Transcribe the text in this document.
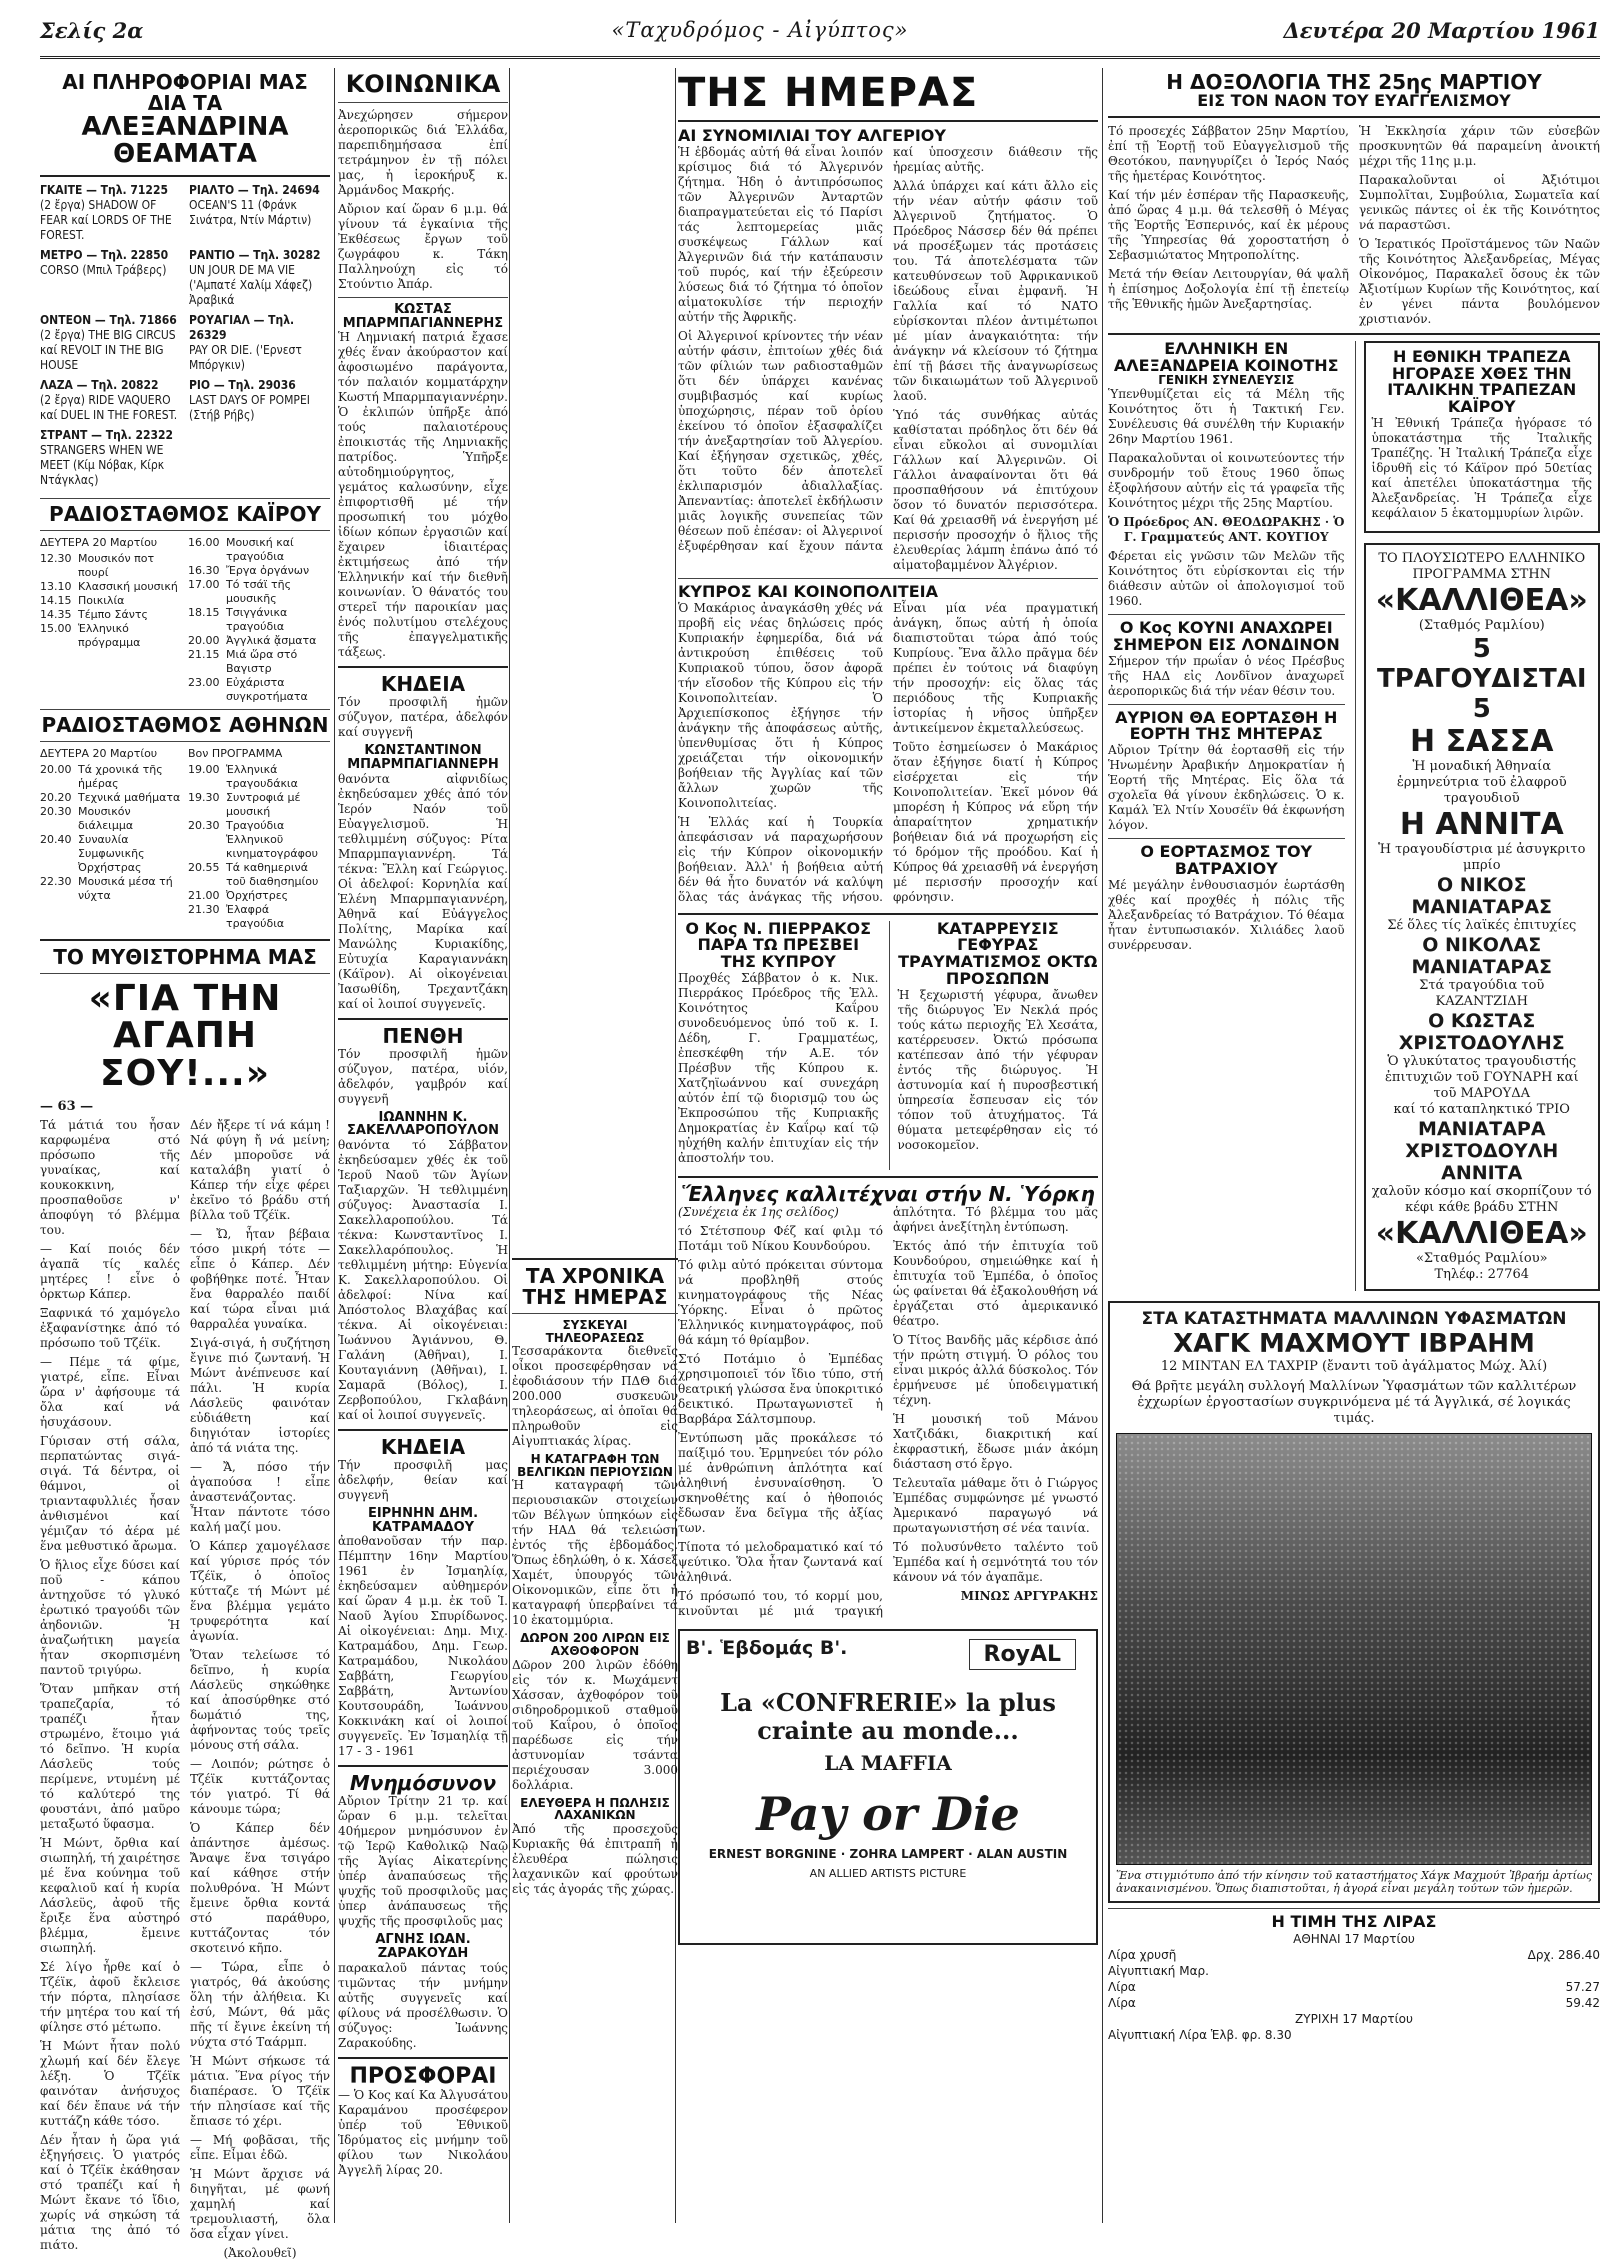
Σελίς 2α	«Ταχυδρόμος - Αἰγύπτος»	Δευτέρα 20 Μαρτίου 1961
ΑΙ ΠΛΗΡΟΦΟΡΙΑΙ ΜΑΣ ΔΙΑ ΤΑ
ΑΛΕΞΑΝΔΡΙΝΑ ΘΕΑΜΑΤΑ
ΓΚΑΙΤΕ — Τηλ. 71225
(2 ἔργα) SHADOW OF FEAR καί LORDS OF THE FOREST.
ΡΙΑΛΤΟ — Τηλ. 24694
OCEAN'S 11 (Φράνκ Σινάτρα, Ντίν Μάρτιν)
ΜΕΤΡΟ — Τηλ. 22850
CORSO (Μπιλ Τράβερς)
ΡΑΝΤΙΟ — Τηλ. 30282
UN JOUR DE MA VIE ('Αμπατέ Χαλίμ Χάφεζ) Ἀραβικά
ΟΝΤΕΟΝ — Τηλ. 71866
(2 ἔργα) THE BIG CIRCUS καί REVOLT IN THE BIG HOUSE
ΡΟΥΑΓΙΑΛ — Τηλ. 26329
PAY OR DIE. ('Ερνεστ Μπόργκιν)
ΛΑΖΑ — Τηλ. 20822
(2 ἔργα) RIDE VAQUERO καί DUEL IN THE FOREST.
ΡΙΟ — Τηλ. 29036
LAST DAYS OF POMPEI (Στήβ Ρήβς)
ΣΤΡΑΝΤ — Τηλ. 22322
STRANGERS WHEN WE MEET (Κίμ Νόβακ, Κίρκ Ντάγκλας)
ΡΑΔΙΟΣΤΑΘΜΟΣ ΚΑΪΡΟΥ
ΔΕΥΤΕΡΑ 20 Μαρτίου
12.30 Μουσικόν ποτ πουρί
13.10 Κλασσική μουσική
14.15 Ποικιλία
14.35 Τέμπο Σάντς
15.00 Ἑλληνικό πρόγραμμα
16.00 Μουσική καί τραγούδια
16.30 Ἔργα ὀργάνων
17.00 Τό τσάϊ τῆς μουσικῆς
18.15 Τσιγγάνικα τραγούδια
20.00 Ἀγγλικά ᾄσματα
21.15 Μιά ὥρα στό Βαγιστρ
23.00 Εὐχάριστα συγκροτήματα
ΡΑΔΙΟΣΤΑΘΜΟΣ ΑΘΗΝΩΝ
ΔΕΥΤΕΡΑ 20 Μαρτίου
20.00 Τά χρονικά τῆς ἡμέρας
20.20 Τεχνικά μαθήματα
20.30 Μουσικόν διάλειμμα
20.40 Συναυλία Συμφωνικῆς Ὀρχήστρας
22.30 Μουσικά μέσα τή νύχτα
Βον ΠΡΟΓΡΑΜΜΑ
19.00 Ἑλληνικά τραγουδάκια
19.30 Συντροφιά μέ μουσική
20.30 Τραγούδια Ἑλληνικοῦ κινηματογράφου
20.55 Τά καθημερινά τοῦ διαθησημίου
21.00 Ὀρχήστρες
21.30 Ἐλαφρά τραγούδια
ΤΟ ΜΥΘΙΣΤΟΡΗΜΑ ΜΑΣ
«ΓΙΑ ΤΗΝ ΑΓΑΠΗ ΣΟΥ!...»
— 63 —

Τά μάτιά του ἦσαν καρφωμένα στό πρόσωπο τῆς γυναίκας, καί κουκοκκινη, προσπαθοῦσε ν' ἀποφύγη τό βλέμμα του.

— Καί ποιός δέν ἀγαπᾶ τίς καλές μητέρες ! εἶνε ὁ ὀρκτωρ Κάπερ.

Ξαφνικά τό χαμόγελο ἐξαφανίστηκε ἀπό τό πρόσωπο τοῦ Τζέϊκ.

— Πέμε τά φίμε, γιατρέ, εἶπε. Εἶναι ὥρα ν' ἀφήσουμε τά ὄλα καί νά ἡσυχάσουν.

Γύρισαν στή σάλα, περπατώντας σιγά-σιγά. Τά δέντρα, οἱ θάμνοι, οἱ τριανταφυλλιές ἦσαν ἀνθισμένοι καί γέμιζαν τό ἀέρα μέ ἕνα μεθυστικό ἄρωμα.

Ὁ ἥλιος εἶχε δύσει καί ποῦ - κάπου ἀντηχοῦσε τό γλυκό ἐρωτικό τραγούδι τῶν ἀηδονιῶν. Ἡ ἀναζωήτικη μαγεία ἦταν σκορπισμένη παντοῦ τριγύρω.

Ὅταν μπῆκαν στή τραπεζαρία, τό τραπέζι ἦταν στρωμένο, ἕτοιμο γιά τό δεῖπνο. Ἡ κυρία Λάσλεϋς τούς περίμενε, ντυμένη μέ τό καλύτερό της φουστάνι, ἀπό μαῦρο μεταξωτό ὕφασμα.

Ἡ Μώντ, ὄρθια καί σιωπηλή, τή χαιρέτησε μέ ἕνα κούνημα τοῦ κεφαλιοῦ καί ἡ κυρία Λάσλεϋς, ἀφοῦ τῆς ἔριξε ἕνα αὐστηρό βλέμμα, ἔμεινε σιωπηλή.

Σέ λίγο ἦρθε καί ὁ Τζέϊκ, ἀφοῦ ἔκλεισε τήν πόρτα, πλησίασε τήν μητέρα του καί τή φίλησε στό μέτωπο.

Ἡ Μώντ ἦταν πολύ χλωμή καί δέν ἔλεγε λέξη. Ὁ Τζέϊκ φαινόταν ἀνήσυχος καί δέν ἔπαυε νά τήν κυττάζη κάθε τόσο.

Δέν ἦταν ἡ ὥρα γιά ἐξηγήσεις. Ὁ γιατρός καί ὁ Τζέϊκ ἐκάθησαν στό τραπέζι καί ἡ Μώντ ἔκανε τό ἴδιο, χωρίς νά σηκώση τά μάτια της ἀπό τό πιάτο.

Δέν ἤξερε τί νά κάμη ! Νά φύγη ἤ νά μείνη; Δέν μποροῦσε νά καταλάβη γιατί ὁ Κάπερ τήν εἶχε φέρει ἐκεῖνο τό βράδυ στή βίλλα τοῦ Τζέϊκ.

— Ὤ, ἦταν βέβαια τόσο μικρή τότε — εἶπε ὁ Κάπερ. Δέν φοβήθηκε ποτέ. Ἦταν ἕνα θαρραλέο παιδί καί τώρα εἶναι μιά θαρραλέα γυναίκα.

Σιγά-σιγά, ἡ συζήτηση ἔγινε πιό ζωντανή. Ἡ Μώντ ἀνέπνευσε καί πάλι. Ἡ κυρία Λάσλεϋς φαινόταν εὐδιάθετη καί διηγιόταν ἱστορίες ἀπό τά νιάτα της.

— Ἄ, πόσο τήν ἀγαπούσα ! εἶπε ἀναστενάζοντας. Ἦταν πάντοτε τόσο καλή μαζί μου.

Ὁ Κάπερ χαμογέλασε καί γύρισε πρός τόν Τζέϊκ, ὁ ὁποῖος κύτταζε τή Μώντ μέ ἕνα βλέμμα γεμάτο τρυφερότητα καί ἀγωνία.

Ὅταν τελείωσε τό δεῖπνο, ἡ κυρία Λάσλεϋς σηκώθηκε καί ἀποσύρθηκε στό δωμάτιό της, ἀφήνοντας τούς τρεῖς μόνους στή σάλα.

— Λοιπόν; ρώτησε ὁ Τζέϊκ κυττάζοντας τόν γιατρό. Τί θά κάνουμε τώρα;

Ὁ Κάπερ δέν ἀπάντησε ἀμέσως. Ἄναψε ἕνα τσιγάρο καί κάθησε στήν πολυθρόνα. Ἡ Μώντ ἔμεινε ὄρθια κοντά στό παράθυρο, κυττάζοντας τόν σκοτεινό κῆπο.

— Τώρα, εἶπε ὁ γιατρός, θά ἀκούσης ὅλη τήν ἀλήθεια. Κι ἐσύ, Μώντ, θά μᾶς πῆς τί ἔγινε ἐκείνη τή νύχτα στό Ταάρμπ.

Ἡ Μώντ σήκωσε τά μάτια. Ἕνα ρίγος τήν διαπέρασε. Ὁ Τζέϊκ τήν πλησίασε καί τῆς ἔπιασε τό χέρι.

— Μή φοβᾶσαι, τῆς εἶπε. Εἶμαι ἐδῶ.

Ἡ Μώντ ἄρχισε νά διηγῆται, μέ φωνή χαμηλή καί τρεμουλιαστή, ὅλα ὅσα εἶχαν γίνει.

(Ἀκολουθεῖ)

ΚΟΙΝΩΝΙΚΑ

Ἀνεχώρησεν σήμερον ἀεροπορικῶς διά Ἑλλάδα, παρεπιδημήσασα ἐπί τετράμηνον ἐν τῇ πόλει μας, ἡ ἱεροκήρυξ κ. Ἀρμάνδος Μακρής.

Αὔριον καί ὥραν 6 μ.μ. θά γίνουν τά ἐγκαίνια τῆς Ἐκθέσεως ἔργων τοῦ ζωγράφου κ. Τάκη Παλληνούχη εἰς τό Στούντιο Ἀπάρ.

ΚΩΣΤΑΣ ΜΠΑΡΜΠΑΓΙΑΝΝΕΡΗΣ

Ἡ Λημνιακή πατριά ἔχασε χθές ἕναν ἀκούραστον καί ἀφοσιωμένο παράγοντα, τόν παλαιόν κομματάρχην Κωστή Μπαρμπαγιαννέρην. Ὁ ἐκλιπών ὑπῆρξε ἀπό τούς παλαιοτέρους ἐποικιστάς τῆς Λημνιακῆς πατρίδος. Ὑπῆρξε αὐτοδημιούργητος, γεμάτος καλωσύνην, εἶχε ἐπιφορτισθῆ μέ τήν προσωπική του μόχθο ἰδίων κόπων ἐργασιῶν καί ἔχαιρεν ἰδιαιτέρας ἐκτιμήσεως ἀπό τήν Ἑλληνικήν καί τήν διεθνῆ κοινωνίαν. Ὁ θάνατός του στερεῖ τήν παροικίαν μας ἑνός πολυτίμου στελέχους τῆς ἐπαγγελματικῆς τάξεως.

ΚΗΔΕΙΑ

Τόν προσφιλῆ ἡμῶν σύζυγον, πατέρα, ἀδελφόν καί συγγενῆ

ΚΩΝΣΤΑΝΤΙΝΟΝ ΜΠΑΡΜΠΑΓΙΑΝΝΕΡΗ

θανόντα αἰφνιδίως ἐκηδεύσαμεν χθές ἀπό τόν Ἱερόν Ναόν τοῦ Εὐαγγελισμοῦ. Ἡ τεθλιμμένη σύζυγος: Ρίτα Μπαρμπαγιαννέρη. Τά τέκνα: Ἔλλη καί Γεώργιος. Οἱ ἀδελφοί: Κορνηλία καί Ἑλένη Μπαρμπαγιαννέρη, Ἀθηνᾶ καί Εὐάγγελος Πολίτης, Μαρίκα καί Μανώλης Κυριακίδης, Εὐτυχία Καραγιαννάκη (Κάϊρον). Αἱ οἰκογένειαι Ἰασωθίδη, Τρεχαντζάκη καί οἱ λοιποί συγγενεῖς.

ΠΕΝΘΗ

Τόν προσφιλῆ ἡμῶν σύζυγον, πατέρα, υἱόν, ἀδελφόν, γαμβρόν καί συγγενῆ

ΙΩΑΝΝΗΝ Κ. ΣΑΚΕΛΛΑΡΟΠΟΥΛΟΝ

θανόντα τό Σάββατον ἐκηδεύσαμεν χθές ἐκ τοῦ Ἱεροῦ Ναοῦ τῶν Ἁγίων Ταξιαρχῶν. Ἡ τεθλιμμένη σύζυγος: Ἀναστασία Ι. Σακελλαροπούλου. Τά τέκνα: Κωνσταντῖνος Ι. Σακελλαρόπουλος. Ἡ τεθλιμμένη μήτηρ: Εὐγενία Κ. Σακελλαροπούλου. Οἱ ἀδελφοί: Νίνα καί Ἀπόστολος Βλαχάβας καί τέκνα. Αἱ οἰκογένειαι: Ἰωάννου Ἁγιάννου, Θ. Γαλάνη (Ἀθῆναι), Ι. Κουταγιάννη (Ἀθῆναι), Ι. Σαμαρᾶ (Βόλος), Ι. Ζερβοπούλου, Γκλαβάνη καί οἱ λοιποί συγγενεῖς.

ΚΗΔΕΙΑ

Τήν προσφιλῆ μας ἀδελφήν, θείαν καί συγγενῆ

ΕΙΡΗΝΗΝ ΔΗΜ. ΚΑΤΡΑΜΑΔΟΥ

ἀποθανοῦσαν τήν παρ. Πέμπτην 16ην Μαρτίου 1961 ἐν Ἰσμαηλίᾳ, ἐκηδεύσαμεν αὐθημερόν καί ὥραν 4 μ.μ. ἐκ τοῦ Ἱ. Ναοῦ Ἁγίου Σπυρίδωνος. Αἱ οἰκογένειαι: Δημ. Μιχ. Κατραμάδου, Δημ. Γεωρ. Κατραμάδου, Νικολάου Σαββάτη, Γεωργίου Σαββάτη, Ἀντωνίου Κουτσουράδη, Ἰωάννου Κοκκινάκη καί οἱ λοιποί συγγενεῖς. Ἐν Ἰσμαηλίᾳ τῇ 17 - 3 - 1961

Μνημόσυνον

Αὔριον Τρίτην 21 τρ. καί ὥραν 6 μ.μ. τελεῖται 40ήμερον μνημόσυνον ἐν τῷ Ἱερῷ Καθολικῷ Ναῷ τῆς Ἁγίας Αἰκατερίνης ὑπέρ ἀναπαύσεως τῆς ψυχῆς τοῦ προσφιλοῦς μας ὑπερ ἀνάπαυσεως τῆς ψυχῆς τῆς προσφιλοῦς μας

ΑΓΝΗΣ ΙΩΑΝ. ΖΑΡΑΚΟΥΔΗ

παρακαλοῦ πάντας τούς τιμῶντας τήν μνήμην αὐτῆς συγγενεῖς καί φίλους νά προσέλθωσιν. Ὁ σύζυγος: Ἰωάννης Ζαρακούδης.

ΠΡΟΣΦΟΡΑΙ

— Ὁ Κος καί Κα Ἀλγυσάτου Καραμάνου προσέφερον ὑπέρ τοῦ Ἐθνικοῦ Ἱδρύματος εἰς μνήμην τοῦ φίλου των Νικολάου Ἀγγελῆ λίρας 20.

ΤΑ ΧΡΟΝΙΚΑ ΤΗΣ ΗΜΕΡΑΣ
ΣΥΣΚΕΥΑΙ ΤΗΛΕΟΡΑΣΕΩΣ

Τεσσαράκοντα διεθνεῖς οἶκοι προσεφέρθησαν νά ἐφοδιάσουν τήν ΠΔΘ διά 200.000 συσκευῶν τηλεοράσεως, αἱ ὁποῖαι θά πληρωθοῦν εἰς Αἰγυπτιακάς λίρας.

Η ΚΑΤΑΓΡΑΦΗ ΤΩΝ ΒΕΛΓΙΚΩΝ ΠΕΡΙΟΥΣΙΩΝ

Ἡ καταγραφή τῶν περιουσιακῶν στοιχείων τῶν Βέλγων ὑπηκόων εἰς τήν ΗΑΔ θά τελειώση ἐντός τῆς ἑβδομάδος. Ὅπως ἐδηλώθη, ὁ κ. Χάσεξ Χαμέτ, ὑπουργός τῶν Οἰκονομικῶν, εἶπε ὅτι ἡ καταγραφή ὑπερβαίνει τά 10 ἑκατομμύρια.

ΔΩΡΟΝ 200 ΛΙΡΩΝ ΕΙΣ ΑΧΘΟΦΟΡΟΝ

Δῶρον 200 λιρῶν ἐδόθη εἰς τόν κ. Μωχάμεντ Χάσσαν, ἀχθοφόρον τοῦ σιδηροδρομικοῦ σταθμοῦ τοῦ Καΐρου, ὁ ὁποῖος παρέδωσε εἰς τήν ἀστυνομίαν τσάντα περιέχουσαν 3.000 δολλάρια.

ΕΛΕΥΘΕΡΑ Η ΠΩΛΗΣΙΣ ΛΑΧΑΝΙΚΩΝ

Ἀπό τῆς προσεχοῦς Κυριακῆς θά ἐπιτραπῆ ἡ ἐλευθέρα πώλησις λαχανικῶν καί φρούτων εἰς τάς ἀγοράς τῆς χώρας.

ΤΗΣ ΗΜΕΡΑΣ
ΑΙ ΣΥΝΟΜΙΛΙΑΙ ΤΟΥ ΑΛΓΕΡΙΟΥ

Ἡ ἑβδομάς αὐτή θά εἶναι λοιπόν κρίσιμος διά τό Ἀλγερινόν ζήτημα. Ἡδη ὁ ἀντιπρόσωπος τῶν Ἀλγερινῶν Ἀνταρτῶν διαπραγματεύεται εἰς τό Παρίσι τάς λεπτομερείας μιᾶς συσκέψεως Γάλλων καί Ἀλγερινῶν διά τήν κατάπαυσιν τοῦ πυρός, καί τήν ἐξεύρεσιν λύσεως διά τό ζήτημα τό ὁποῖον αἱματοκυλίσε τήν περιοχήν αὐτήν τῆς Ἀφρικῆς.

Οἱ Ἀλγερινοί κρίνοντες τήν νέαν αὐτήν φάσιν, ἐπιτοίων χθές διά τῶν φίλιών των ραδιοσταθμῶν ὅτι δέν ὑπάρχει κανένας συμβιβασμός καί κυρίως ὑποχώρησις, πέραν τοῦ ὁρίου ἐκείνου τό ὁποῖον ἐξασφαλίζει τήν ἀνεξαρτησίαν τοῦ Ἀλγερίου. Καί ἐξήγησαν σχετικῶς, χθές, ὅτι τοῦτο δέν ἀποτελεῖ ἐκλιπαρισμόν ἀδιαλλαξίας. Ἀπεναντίας: ἀποτελεῖ ἐκδήλωσιν μιᾶς λογικῆς συνεπείας τῶν θέσεων ποῦ ἐπέσαν: οἱ Ἀλγερινοί ἐξυφέρθησαν καί ἔχουν πάντα καί ὑποσχεσιν διάθεσιν τῆς ἡρεμίας αὐτῆς.

Ἀλλά ὑπάρχει καί κάτι ἄλλο εἰς τήν νέαν αὐτήν φάσιν τοῦ Ἀλγερινοῦ ζητήματος. Ὁ Πρόεδρος Νάσσερ δέν θά πρέπει νά προσέξωμεν τάς προτάσεις του. Τά ἀποτελέσματα τῶν κατευθύνσεων τοῦ Ἀφρικανικοῦ ἰδεώδους εἶναι ἐμφανῆ. Ἡ Γαλλία καί τό ΝΑΤΟ εὑρίσκονται πλέον ἀντιμέτωποι μέ μίαν ἀναγκαιότητα: τήν ἀνάγκην νά κλείσουν τό ζήτημα ἐπί τῇ βάσει τῆς ἀναγνωρίσεως τῶν δικαιωμάτων τοῦ Ἀλγερινοῦ λαοῦ.

Ὑπό τάς συνθήκας αὐτάς καθίσταται πρόδηλος ὅτι δέν θά εἶναι εὔκολοι αἱ συνομιλίαι Γάλλων καί Ἀλγερινῶν. Οἱ Γάλλοι ἀναφαίνονται ὅτι θά προσπαθήσουν νά ἐπιτύχουν ὅσον τό δυνατόν περισσότερα. Καί θά χρειασθῆ νά ἐνεργήση μέ περισσήν προσοχήν ὁ ἥλιος τῆς ἐλευθερίας λάμπη ἐπάνω ἀπό τό αἱματοβαμμένον Ἀλγέριον.

ΚΥΠΡΟΣ ΚΑΙ ΚΟΙΝΟΠΟΛΙΤΕΙΑ

Ὁ Μακάριος ἀναγκάσθη χθές νά προβῆ εἰς νέας δηλώσεις πρός Κυπριακήν ἐφημερίδα, διά νά ἀντικρούση ἐπιθέσεις τοῦ Κυπριακοῦ τύπου, ὅσον ἀφορᾶ τήν εἴσοδον τῆς Κύπρου εἰς τήν Κοινοπολιτείαν. Ὁ Ἀρχιεπίσκοπος ἐξήγησε τήν ἀνάγκην τῆς ἀποφάσεως αὐτῆς, ὑπενθυμίσας ὅτι ἡ Κύπρος χρειάζεται τήν οἰκονομικήν βοήθειαν τῆς Ἀγγλίας καί τῶν ἄλλων χωρῶν τῆς Κοινοπολιτείας.

Ἡ Ἑλλάς καί ἡ Τουρκία ἀπεφάσισαν νά παραχωρήσουν εἰς τήν Κύπρον οἰκονομικήν βοήθειαν. Ἀλλ' ἡ βοήθεια αὐτή δέν θά ἦτο δυνατόν νά καλύψη ὅλας τάς ἀνάγκας τῆς νήσου. Εἶναι μία νέα πραγματική ἀνάγκη, ὅπως αὐτή ἡ ὁποία διαπιστοῦται τώρα ἀπό τούς Κυπρίους. Ἔνα ἄλλο πρᾶγμα δέν πρέπει ἐν τούτοις νά διαφύγη τήν προσοχήν: εἰς ὅλας τάς περιόδους τῆς Κυπριακῆς ἱστορίας ἡ νῆσος ὑπῆρξεν ἀντικείμενον ἐκμεταλλεύσεως.

Τοῦτο ἐσημείωσεν ὁ Μακάριος ὅταν ἐξήγησε διατί ἡ Κύπρος εἰσέρχεται εἰς τήν Κοινοπολιτείαν. Ἐκεῖ μόνον θά μπορέση ἡ Κύπρος νά εὕρη τήν ἀπαραίτητον χρηματικήν βοήθειαν διά νά προχωρήση εἰς τό δρόμον τῆς προόδου. Καί ἡ Κύπρος θά χρειασθῆ νά ἐνεργήση μέ περισσήν προσοχήν καί φρόνησιν.

Ο Κος Ν. ΠΙΕΡΡΑΚΟΣ ΠΑΡΑ ΤΩ ΠΡΕΣΒΕΙ ΤΗΣ ΚΥΠΡΟΥ

Προχθές Σάββατον ὁ κ. Νικ. Πιερράκος Πρόεδρος τῆς Ἑλλ. Κοινότητος Καΐρου συνοδευόμενος ὑπό τοῦ κ. Ι. Δέδη, Γ. Γραμματέως, ἐπεσκέφθη τήν Α.Ε. τόν Πρέσβυν τῆς Κύπρου κ. Χατζηϊωάννου καί συνεχάρη αὐτόν ἐπί τῷ διορισμῷ του ὡς Ἐκπροσώπου τῆς Κυπριακῆς Δημοκρατίας ἐν Καΐρῳ καί τῷ ηὐχήθη καλήν ἐπιτυχίαν εἰς τήν ἀποστολήν του.

ΚΑΤΑΡΡΕΥΣΙΣ ΓΕΦΥΡΑΣ ΤΡΑΥΜΑΤΙΣΜΟΣ ΟΚΤΩ ΠΡΟΣΩΠΩΝ

Ἡ ξεχωριστή γέφυρα, ἄνωθεν τῆς διώρυγος Ἐν Νεκλά πρός τούς κάτω περιοχῆς Ἐλ Χεσάτα, κατέρρευσεν. Ὀκτώ πρόσωπα κατέπεσαν ἀπό τήν γέφυραν ἐντός τῆς διώρυγος. Ἡ ἀστυνομία καί ἡ πυροσβεστική ὑπηρεσία ἔσπευσαν εἰς τόν τόπον τοῦ ἀτυχήματος. Τά θύματα μετεφέρθησαν εἰς τό νοσοκομεῖον.

Ἕλληνες καλλιτέχναι στήν Ν. Ὑόρκη

(Συνέχεια ἐκ 1ης σελίδος)

τό Στέτσπουρ Φέζ καί φιλμ τό Ποτάμι τοῦ Νίκου Κουνδούρου.

Τό φιλμ αὐτό πρόκειται σύντομα νά προβληθῆ στούς κινηματογράφους τῆς Νέας Ὑόρκης. Εἶναι ὁ πρῶτος Ἑλληνικός κινηματογράφος, ποῦ θά κάμη τό θρίαμβον.

Στό Ποτάμιο ὁ Ἐμπέδας χρησιμοποιεῖ τόν ἴδιο τύπο, στή θεατρική γλώσσα ἔνα ὑποκριτικό δεικτικό. Πρωταγωνιστεῖ ἡ Βαρβάρα Σάλτσμπουρ.

Ἐντύπωση μᾶς προκάλεσε τό παίξιμό του. Ἑρμηνεύει τόν ρόλο μέ ἀνθρώπινη ἁπλότητα καί ἀληθινή ἐνσυναίσθηση. Ὁ σκηνοθέτης καί ὁ ἠθοποιός ἔδωσαν ἕνα δεῖγμα τῆς ἀξίας των.

Τίποτα τό μελοδραματικό καί τό ψεύτικο. Ὅλα ἦταν ζωντανά καί ἀληθινά.

Τό πρόσωπό του, τό κορμί μου, κινοῦνται μέ μιά τραγική ἁπλότητα. Τό βλέμμα του μᾶς ἀφήνει ἀνεξίτηλη ἐντύπωση.

Ἐκτός ἀπό τήν ἐπιτυχία τοῦ Κουνδούρου, σημειώθηκε καί ἡ ἐπιτυχία τοῦ Ἐμπέδα, ὁ ὁποῖος ὡς φαίνεται θά ἐξακολουθήση νά ἐργάζεται στό ἀμερικανικό θέατρο.

Ὁ Τίτος Βανδῆς μᾶς κέρδισε ἀπό τήν πρώτη στιγμή. Ὁ ρόλος του εἶναι μικρός ἀλλά δύσκολος. Τόν ἑρμήνευσε μέ ὑποδειγματική τέχνη.

Ἡ μουσική τοῦ Μάνου Χατζιδάκι, διακριτική καί ἐκφραστική, ἔδωσε μιάν ἀκόμη διάσταση στό ἔργο.

Τελευταῖα μάθαμε ὅτι ὁ Γιώργος Ἐμπέδας συμφώνησε μέ γνωστό Ἀμερικανό παραγωγό νά πρωταγωνιστήση σέ νέα ταινία.

Τό πολυσύνθετο ταλέντο τοῦ Ἐμπέδα καί ἡ σεμνότητά του τόν κάνουν νά τόν ἀγαπᾶμε.

ΜΙΝΩΣ ΑΡΓΥΡΑΚΗΣ

Β'. Ἑβδομάς Β'.	RoyAL
La «CONFRERIE» la plus crainte au monde...
LA MAFFIA
Pay or Die
ERNEST BORGNINE · ZOHRA LAMPERT · ALAN AUSTIN
AN ALLIED ARTISTS PICTURE
Η ΔΟΞΟΛΟΓΙΑ ΤΗΣ 25ης ΜΑΡΤΙΟΥ
ΕΙΣ ΤΟΝ ΝΑΟΝ ΤΟΥ ΕΥΑΓΓΕΛΙΣΜΟΥ

Τό προσεχές Σάββατον 25ην Μαρτίου, ἐπί τῇ Ἑορτῇ τοῦ Εὐαγγελισμοῦ τῆς Θεοτόκου, πανηγυρίζει ὁ Ἱερός Ναός τῆς ἡμετέρας Κοινότητος.

Καί τήν μέν ἑσπέραν τῆς Παρασκευῆς, ἀπό ὥρας 4 μ.μ. θά τελεσθῆ ὁ Μέγας τῆς Ἑορτῆς Ἑσπερινός, καί ἐκ μέρους τῆς Ὑπηρεσίας θά χοροστατήση ὁ Σεβασμιώτατος Μητροπολίτης.

Μετά τήν Θείαν Λειτουργίαν, θά ψαλῆ ἡ ἐπίσημος Δοξολογία ἐπί τῇ ἐπετείῳ τῆς Ἑθνικῆς ἡμῶν Ἀνεξαρτησίας.

Ἡ Ἐκκλησία χάριν τῶν εὐσεβῶν προσκυνητῶν θά παραμείνη ἀνοικτή μέχρι τῆς 11ης μ.μ.

Παρακαλοῦνται οἱ Ἀξιότιμοι Συμπολῖται, Συμβούλια, Σωματεῖα καί γενικῶς πάντες οἱ ἐκ τῆς Κοινότητος νά παραστῶσι.

Ὁ Ἱερατικός Προϊστάμενος τῶν Ναῶν τῆς Κοινότητος Ἀλεξανδρείας, Μέγας Οἰκονόμος, Παρακαλεῖ ὅσους ἐκ τῶν Ἀξιοτίμων Κυρίων τῆς Κοινότητος, καί ἐν γένει πάντα βουλόμενον χριστιανόν.

ΕΛΛΗΝΙΚΗ ΕΝ ΑΛΕΞΑΝΔΡΕΙΑ ΚΟΙΝΟΤΗΣ
ΓΕΝΙΚΗ ΣΥΝΕΛΕΥΣΙΣ

Ὑπενθυμίζεται εἰς τά Μέλη τῆς Κοινότητος ὅτι ἡ Τακτική Γεν. Συνέλευσις θά συνέλθη τήν Κυριακήν 26ην Μαρτίου 1961.

Παρακαλοῦνται οἱ κοινωτεύοντες τήν συνδρομήν τοῦ ἔτους 1960 ὅπως ἐξοφλήσουν αὐτήν εἰς τά γραφεῖα τῆς Κοινότητος μέχρι τῆς 25ης Μαρτίου.

Ὁ Πρόεδρος ΑΝ. ΘΕΟΔΩΡΑΚΗΣ · Ὁ Γ. Γραμματεύς ΑΝΤ. ΚΟΥΓΙΟΥ

Φέρεται εἰς γνῶσιν τῶν Μελῶν τῆς Κοινότητος ὅτι εὑρίσκονται εἰς τήν διάθεσιν αὐτῶν οἱ ἀπολογισμοί τοῦ 1960.

Ο Κος ΚΟΥΝΙ ΑΝΑΧΩΡΕΙ ΣΗΜΕΡΟΝ ΕΙΣ ΛΟΝΔΙΝΟΝ

Σήμερον τήν πρωΐαν ὁ νέος Πρέσβυς τῆς ΗΑΔ εἰς Λονδῖνον ἀναχωρεῖ ἀεροπορικῶς διά τήν νέαν θέσιν του.

ΑΥΡΙΟΝ ΘΑ ΕΟΡΤΑΣΘΗ Η ΕΟΡΤΗ ΤΗΣ ΜΗΤΕΡΑΣ

Αὔριον Τρίτην θά ἑορτασθῆ εἰς τήν Ἡνωμένην Ἀραβικήν Δημοκρατίαν ἡ Ἑορτή τῆς Μητέρας. Εἰς ὅλα τά σχολεῖα θά γίνουν ἐκδηλώσεις. Ὁ κ. Καμάλ Ἐλ Ντίν Χουσέϊν θά ἐκφωνήση λόγον.

Ο ΕΟΡΤΑΣΜΟΣ ΤΟΥ ΒΑΤΡΑΧΙΟΥ

Μέ μεγάλην ἐνθουσιασμόν ἑωρτάσθη χθές καί προχθές ἡ πόλις τῆς Ἀλεξανδρείας τό Βατράχιον. Τό θέαμα ἦταν ἐντυπωσιακόν. Χιλιάδες λαοῦ συνέρρευσαν.

Η ΕΘΝΙΚΗ ΤΡΑΠΕΖΑ ΗΓΟΡΑΣΕ ΧΘΕΣ ΤΗΝ ΙΤΑΛΙΚΗΝ ΤΡΑΠΕΖΑΝ ΚΑΪΡΟΥ

Ἡ Ἐθνική Τράπεζα ἠγόρασε τό ὑποκατάστημα τῆς Ἰταλικῆς Τραπέζης. Ἡ Ἰταλική Τράπεζα εἶχε ἱδρυθῆ εἰς τό Κάϊρον πρό 50ετίας καί ἀπετέλει ὑποκατάστημα τῆς Ἀλεξανδρείας. Ἡ Τράπεζα εἶχε κεφάλαιον 5 ἑκατομμυρίων λιρῶν.

ΤΟ ΠΛΟΥΣΙΩΤΕΡΟ ΕΛΛΗΝΙΚΟ ΠΡΟΓΡΑΜΜΑ ΣΤΗΝ
«ΚΑΛΛΙΘΕΑ»
(Σταθμός Ραμλίου)
5 ΤΡΑΓΟΥΔΙΣΤΑΙ 5
Η ΣΑΣΣΑ
Ἡ μοναδική Ἀθηναία ἑρμηνεύτρια τοῦ ἐλαφροῦ τραγουδιοῦ
Η ΑΝΝΙΤΑ
Ἡ τραγουδίστρια μέ ἀσυγκριτο μπρίο
Ο ΝΙΚΟΣ ΜΑΝΙΑΤΑΡΑΣ
Σέ ὅλες τίς λαϊκές ἐπιτυχίες
Ο ΝΙΚΟΛΑΣ ΜΑΝΙΑΤΑΡΑΣ
Στά τραγούδια τοῦ ΚΑΖΑΝΤΖΙΔΗ
Ο ΚΩΣΤΑΣ ΧΡΙΣΤΟΔΟΥΛΗΣ
Ὁ γλυκύτατος τραγουδιστής ἐπιτυχιῶν τοῦ ΓΟΥΝΑΡΗ καί τοῦ ΜΑΡΟΥΔΑ
καί τό καταπληκτικό ΤΡΙΟ
ΜΑΝΙΑΤΑΡΑ ΧΡΙΣΤΟΔΟΥΛΗ ΑΝΝΙΤΑ
χαλοῦν κόσμο καί σκορπίζουν τό κέφι κάθε βράδυ ΣΤΗΝ
«ΚΑΛΛΙΘΕΑ»
«Σταθμός Ραμλίου»
Τηλέφ.: 27764
ΣΤΑ ΚΑΤΑΣΤΗΜΑΤΑ ΜΑΛΛΙΝΩΝ ΥΦΑΣΜΑΤΩΝ
ΧΑΓΚ ΜΑΧΜΟΥΤ ΙΒΡΑΗΜ
12 ΜΙΝΤΑΝ ΕΛ ΤΑΧΡΙΡ (ἔναντι τοῦ ἀγάλματος Μώχ. Ἀλί)
Θά βρῆτε μεγάλη συλλογή Μαλλίνων Ὑφασμάτων τῶν καλλιτέρων ἐχχωρίων ἐργοστασίων συγκρινόμενα μέ τά Ἀγγλικά, σέ λογικάς τιμάς.
Ἕνα στιγμιότυπο ἀπό τήν κίνησιν τοῦ καταστήματος Χάγκ Μαχμούτ Ἰβραήμ ἀρτίως ἀνακαινισμένου. Ὅπως διαπιστοῦται, ἡ ἀγορά εἶναι μεγάλη τούτων τῶν ἡμερῶν.
Η ΤΙΜΗ ΤΗΣ ΛΙΡΑΣ
ΑΘΗΝΑΙ 17 Μαρτίου
Λίρα χρυσῆ	Δρχ. 286.40
Αἰγυπτιακή Μαρ.
Λίρα	57.27
Λίρα	59.42
ΖΥΡΙΧΗ 17 Μαρτίου
Αἰγυπτιακή Λίρα Ἑλβ. φρ. 8.30
